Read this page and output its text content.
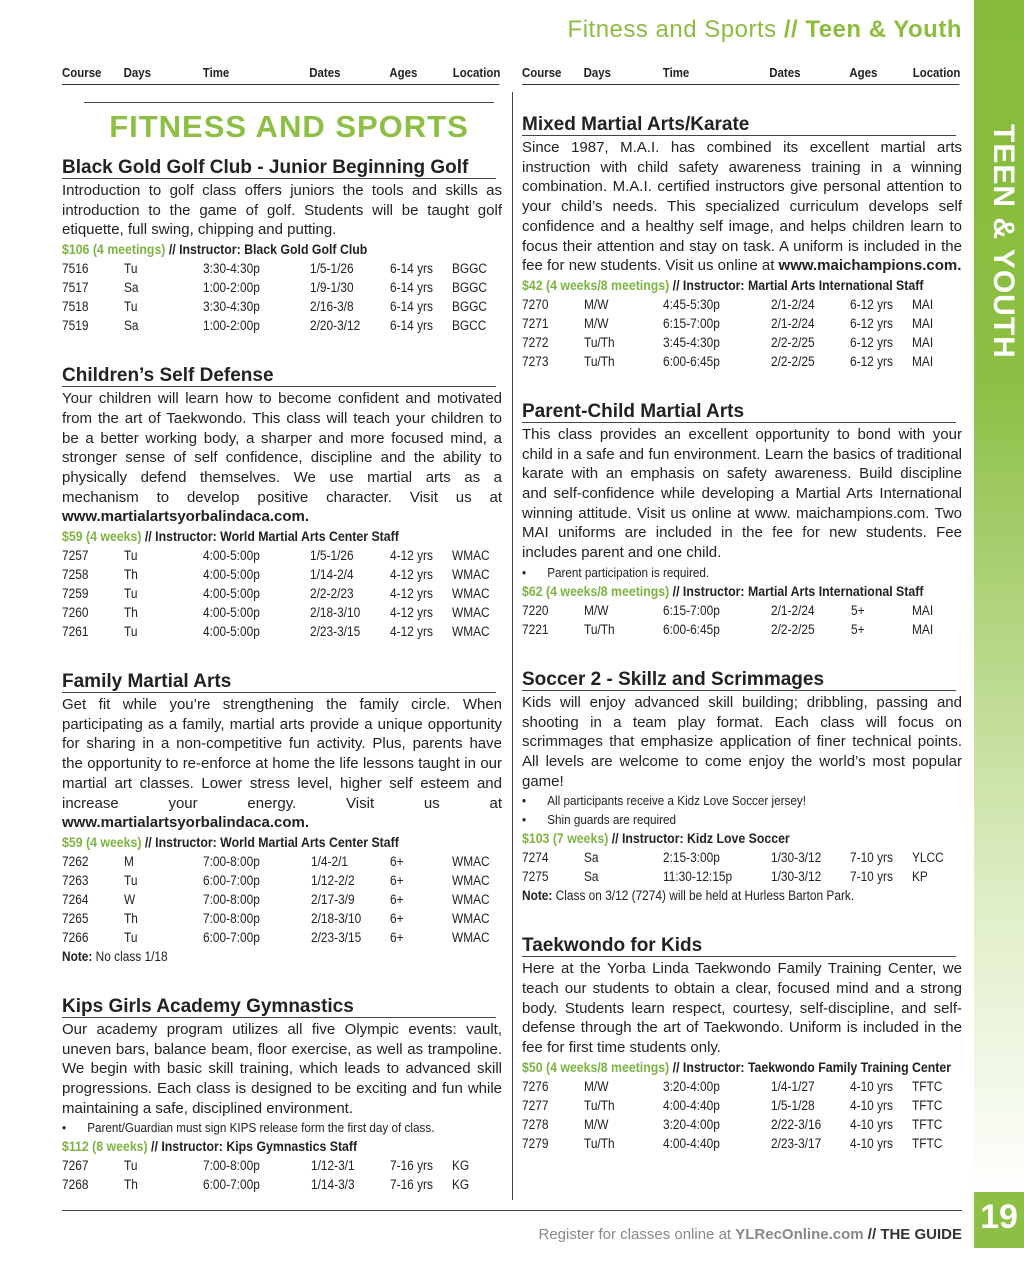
Fitness and Sports // Teen & Youth
TEEN & YOUTH
19
Course Days	Time	Dates	Ages	Location Course Days	Time	Dates	Ages	Location
FITNESS AND SPORTS
Black Gold Golf Club - Junior Beginning Golf
Introduction to golf class offers juniors the tools and skills as introduction to the game of golf. Students will be taught golf etiquette, full swing, chipping and putting.
$106 (4 meetings) // Instructor: Black Gold Golf Club
7516	Tu	3:30-4:30p	1/5-1/26	6-14 yrs	BGGC
7517	Sa	1:00-2:00p	1/9-1/30	6-14 yrs	BGGC
7518	Tu	3:30-4:30p	2/16-3/8	6-14 yrs	BGGC
7519	Sa	1:00-2:00p	2/20-3/12	6-14 yrs	BGCC
Children’s Self Defense
Your children will learn how to become confident and motivated from the art of Taekwondo. This class will teach your children to be a better working body, a sharper and more focused mind, a stronger sense of self confidence, discipline and the ability to physically defend themselves. We use martial arts as a mechanism to develop positive character. Visit us at www.martialartsyorbalindaca.com.
$59 (4 weeks) // Instructor: World Martial Arts Center Staff
7257	Tu	4:00-5:00p	1/5-1/26	4-12 yrs	WMAC
7258	Th	4:00-5:00p	1/14-2/4	4-12 yrs	WMAC
7259	Tu	4:00-5:00p	2/2-2/23	4-12 yrs	WMAC
7260	Th	4:00-5:00p	2/18-3/10	4-12 yrs	WMAC
7261	Tu	4:00-5:00p	2/23-3/15	4-12 yrs	WMAC
Family Martial Arts
Get fit while you’re strengthening the family circle. When participating as a family, martial arts provide a unique opportunity for sharing in a non-competitive fun activity. Plus, parents have the opportunity to re-enforce at home the life lessons taught in our martial art classes. Lower stress level, higher self esteem and increase your energy. Visit us at www.martialartsyorbalindaca.com.
$59 (4 weeks) // Instructor: World Martial Arts Center Staff
7262	M	7:00-8:00p	1/4-2/1	6+	WMAC
7263	Tu	6:00-7:00p	1/12-2/2	6+	WMAC
7264	W	7:00-8:00p	2/17-3/9	6+	WMAC
7265	Th	7:00-8:00p	2/18-3/10	6+	WMAC
7266	Tu	6:00-7:00p	2/23-3/15	6+	WMAC
Note: No class 1/18
Kips Girls Academy Gymnastics
Our academy program utilizes all five Olympic events: vault, uneven bars, balance beam, floor exercise, as well as trampoline. We begin with basic skill training, which leads to advanced skill progressions. Each class is designed to be exciting and fun while maintaining a safe, disciplined environment.
• Parent/Guardian must sign KIPS release form the first day of class.
$112 (8 weeks) // Instructor: Kips Gymnastics Staff
7267	Tu	7:00-8:00p	1/12-3/1	7-16 yrs	KG
7268	Th	6:00-7:00p	1/14-3/3	7-16 yrs	KG
Mixed Martial Arts/Karate
Since 1987, M.A.I. has combined its excellent martial arts instruction with child safety awareness training in a winning combination. M.A.I. certified instructors give personal attention to your child’s needs. This specialized curriculum develops self confidence and a healthy self image, and helps children learn to focus their attention and stay on task. A uniform is included in the fee for new students. Visit us online at www.maichampions.com.
$42 (4 weeks/8 meetings) // Instructor: Martial Arts International Staff
7270	M/W	4:45-5:30p	2/1-2/24	6-12 yrs	MAI
7271	M/W	6:15-7:00p	2/1-2/24	6-12 yrs	MAI
7272	Tu/Th	3:45-4:30p	2/2-2/25	6-12 yrs	MAI
7273	Tu/Th	6:00-6:45p	2/2-2/25	6-12 yrs	MAI
Parent-Child Martial Arts
This class provides an excellent opportunity to bond with your child in a safe and fun environment. Learn the basics of traditional karate with an emphasis on safety awareness. Build discipline and self-confidence while developing a Martial Arts International winning attitude. Visit us online at www. maichampions.com. Two MAI uniforms are included in the fee for new students. Fee includes parent and one child.
• Parent participation is required.
$62 (4 weeks/8 meetings) // Instructor: Martial Arts International Staff
7220	M/W	6:15-7:00p	2/1-2/24	5+	MAI
7221	Tu/Th	6:00-6:45p	2/2-2/25	5+	MAI
Soccer 2 - Skillz and Scrimmages
Kids will enjoy advanced skill building; dribbling, passing and shooting in a team play format. Each class will focus on scrimmages that emphasize application of finer technical points. All levels are welcome to come enjoy the world’s most popular game!
• All participants receive a Kidz Love Soccer jersey!
• Shin guards are required
$103 (7 weeks) // Instructor: Kidz Love Soccer
7274	Sa	2:15-3:00p	1/30-3/12	7-10 yrs	YLCC
7275	Sa	11:30-12:15p	1/30-3/12	7-10 yrs	KP
Note: Class on 3/12 (7274) will be held at Hurless Barton Park.
Taekwondo for Kids
Here at the Yorba Linda Taekwondo Family Training Center, we teach our students to obtain a clear, focused mind and a strong body. Students learn respect, courtesy, self-discipline, and self-defense through the art of Taekwondo. Uniform is included in the fee for first time students only.
$50 (4 weeks/8 meetings) // Instructor: Taekwondo Family Training Center
7276	M/W	3:20-4:00p	1/4-1/27	4-10 yrs	TFTC
7277	Tu/Th	4:00-4:40p	1/5-1/28	4-10 yrs	TFTC
7278	M/W	3:20-4:00p	2/22-3/16	4-10 yrs	TFTC
7279	Tu/Th	4:00-4:40p	2/23-3/17	4-10 yrs	TFTC
Register for classes online at YLRecOnline.com // THE GUIDE
